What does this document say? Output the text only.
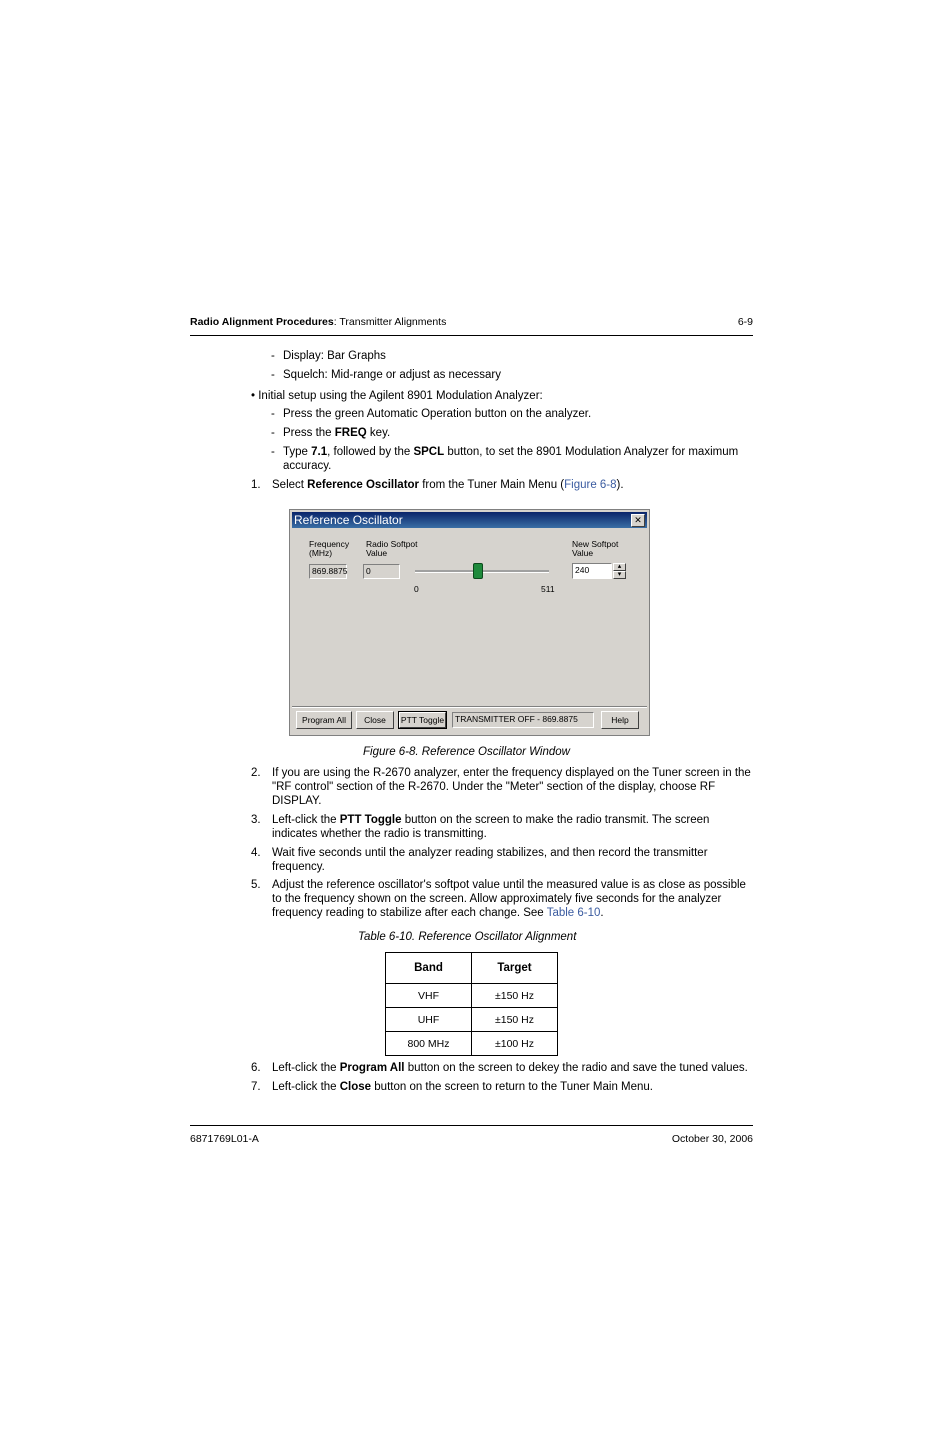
Radio Alignment Procedures: Transmitter Alignments	6-9
- Display: Bar Graphs
- Squelch: Mid-range or adjust as necessary
• Initial setup using the Agilent 8901 Modulation Analyzer:
- Press the green Automatic Operation button on the analyzer.
- Press the FREQ key.
- Type 7.1, followed by the SPCL button, to set the 8901 Modulation Analyzer for maximum accuracy.
1. Select Reference Oscillator from the Tuner Main Menu (Figure 6-8).
Reference Oscillator	✕
Frequency
(MHz)
Radio Softpot
Value
New Softpot
Value
869.8875	0
0	511
240	▴
▾
Program All	Close	PTT Toggle	TRANSMITTER OFF - 869.8875	Help
Figure 6-8. Reference Oscillator Window
2. If you are using the R-2670 analyzer, enter the frequency displayed on the Tuner screen in the "RF control" section of the R-2670. Under the "Meter" section of the display, choose RF DISPLAY.
3. Left-click the PTT Toggle button on the screen to make the radio transmit. The screen indicates whether the radio is transmitting.
4. Wait five seconds until the analyzer reading stabilizes, and then record the transmitter frequency.
5. Adjust the reference oscillator's softpot value until the measured value is as close as possible to the frequency shown on the screen. Allow approximately five seconds for the analyzer frequency reading to stabilize after each change. See Table 6-10.
Table 6-10. Reference Oscillator Alignment
Band	Target
VHF	±150 Hz
UHF	±150 Hz
800 MHz	±100 Hz
6. Left-click the Program All button on the screen to dekey the radio and save the tuned values.
7. Left-click the Close button on the screen to return to the Tuner Main Menu.
6871769L01-A	October 30, 2006
